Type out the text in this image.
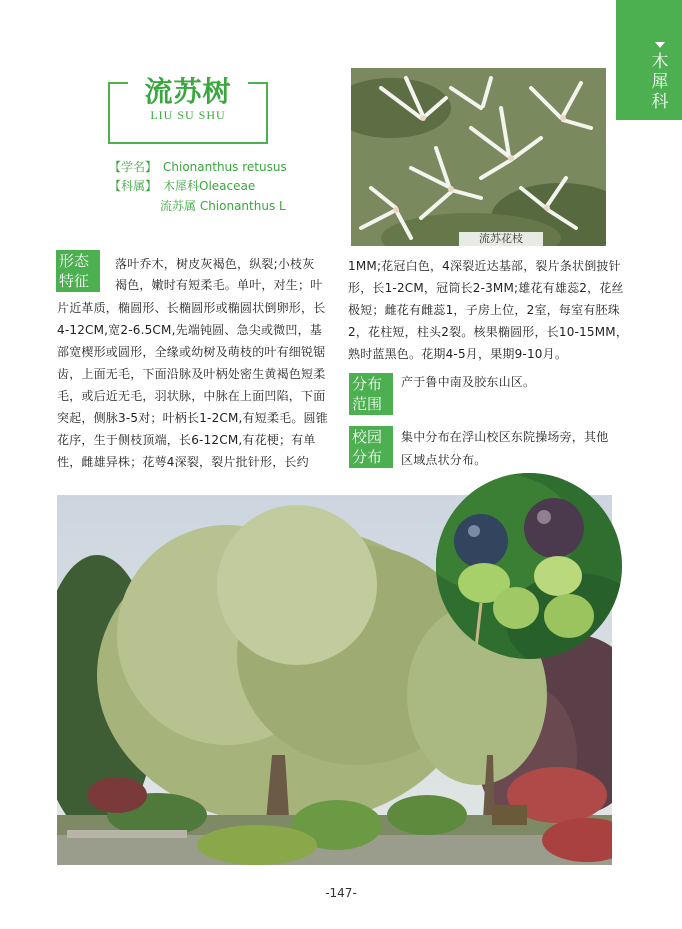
木犀科
流苏树
LIU SU SHU
【学名】 Chionanthus retusus
【科属】 木犀科Oleaceae
流苏属 Chionanthus L
流苏花枝
形态
特征
落叶乔木，树皮灰褐色，纵裂;小枝灰
褐色，嫩时有短柔毛。单叶，对生；叶
片近革质，椭圆形、长椭圆形或椭圆状倒卵形，长
4-12CM,宽2-6.5CM,先端钝圆、急尖或微凹，基
部宽楔形或圆形，全缘或幼树及萌枝的叶有细锐锯
齿，上面无毛，下面沿脉及叶柄处密生黄褐色短柔
毛，或后近无毛，羽状脉，中脉在上面凹陷，下面
突起，侧脉3-5对；叶柄长1-2CM,有短柔毛。圆锥
花序，生于侧枝顶端，长6-12CM,有花梗；有单
性，雌雄异株；花萼4深裂，裂片批针形，长约
1MM;花冠白色，4深裂近达基部，裂片条状倒披针
形，长1-2CM，冠筒长2-3MM;雄花有雄蕊2，花丝
极短；雌花有雌蕊1，子房上位，2室，每室有胚珠
2，花柱短，柱头2裂。核果椭圆形，长10-15MM，
熟时蓝黑色。花期4-5月，果期9-10月。
分布
范围
产于鲁中南及胶东山区。
校园
分布
集中分布在浮山校区东院操场旁，其他
区域点状分布。
-147-
